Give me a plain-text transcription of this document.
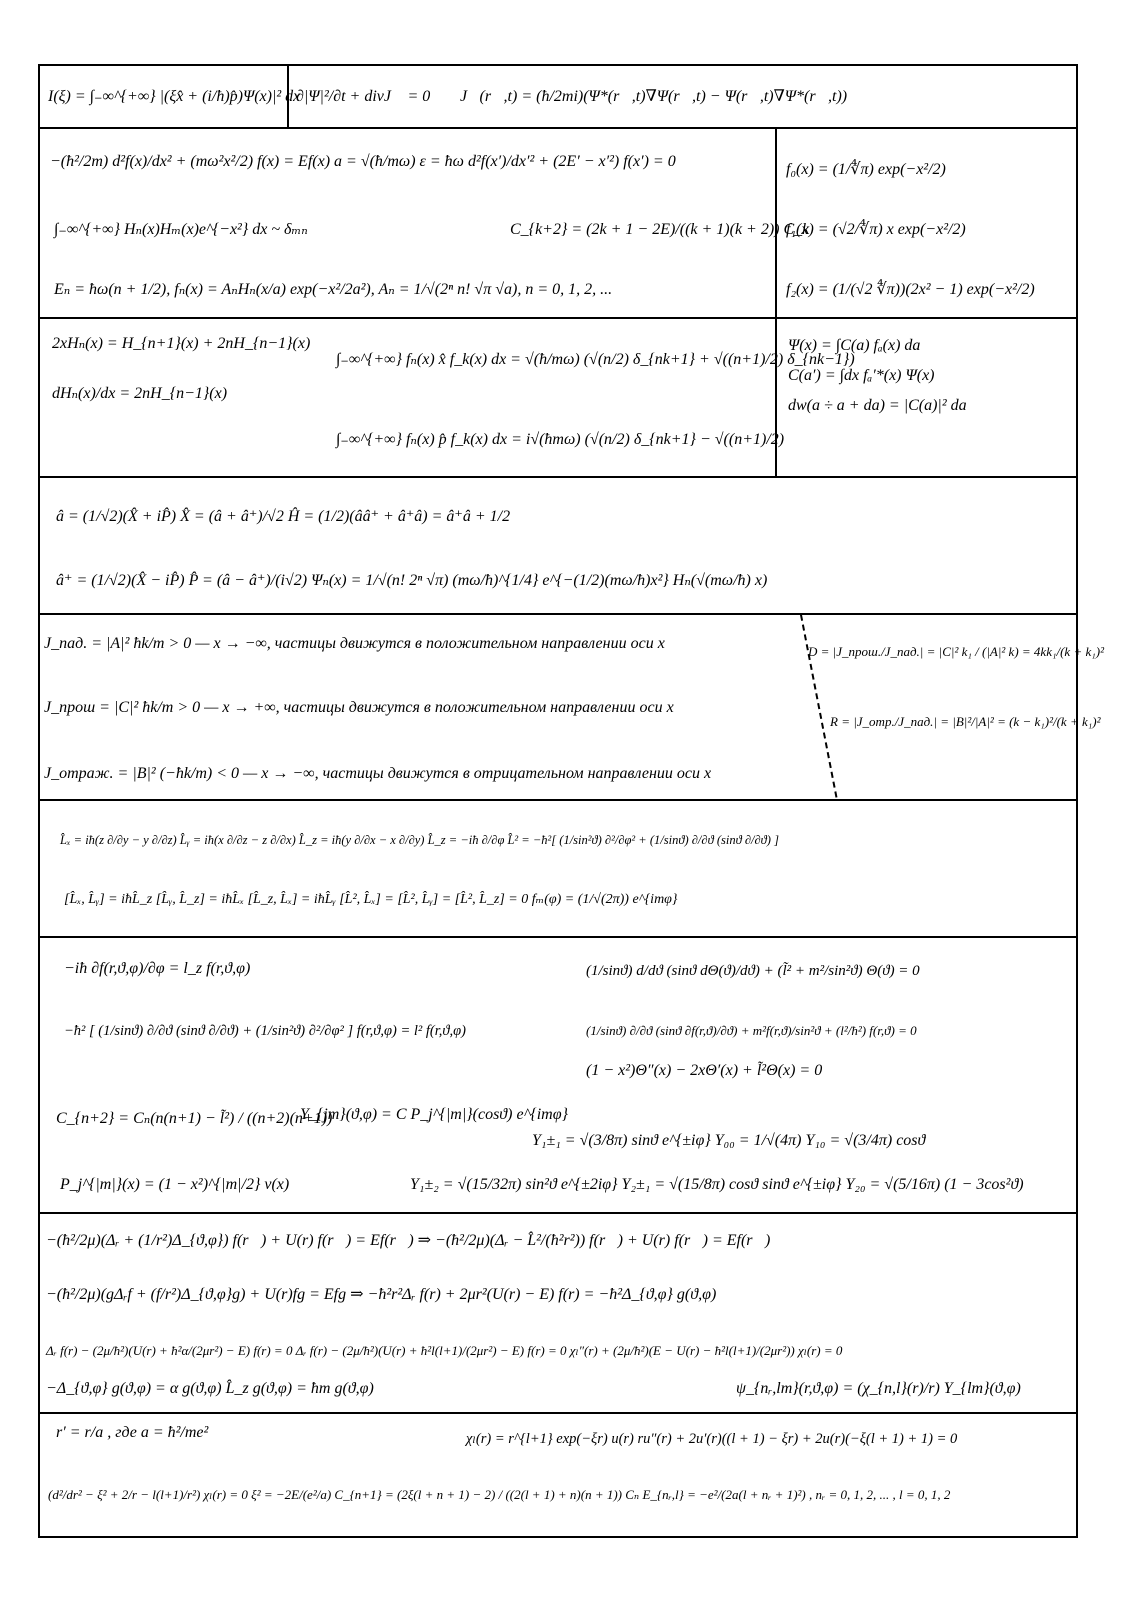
I(ξ) = ∫₋∞^{+∞} |(ξx̂ + (i/ħ)p̂)Ψ(x)|² dx
∂|Ψ|²/∂t + divJ⃗ = 0 J⃗(r⃗,t) = (ħ/2mi)(Ψ*(r⃗,t)∇Ψ(r⃗,t) − Ψ(r⃗,t)∇Ψ*(r⃗,t))
−(ħ²/2m) d²f(x)/dx² + (mω²x²/2) f(x) = Ef(x) a = √(ħ/mω) ε = ħω d²f(x′)/dx′² + (2E′ − x′²) f(x′) = 0
∫₋∞^{+∞} Hₙ(x)Hₘ(x)e^{−x²} dx ~ δₘₙ	C_{k+2} = (2k + 1 − 2E)/((k + 1)(k + 2)) C_k
Eₙ = ħω(n + 1/2), fₙ(x) = AₙHₙ(x/a) exp(−x²/2a²), Aₙ = 1/√(2ⁿ n! √π √a), n = 0, 1, 2, ...
f₀(x) = (1/∜π) exp(−x²/2)
f₁(x) = (√2/∜π) x exp(−x²/2)
f₂(x) = (1/(√2 ∜π))(2x² − 1) exp(−x²/2)
2xHₙ(x) = H_{n+1}(x) + 2nH_{n−1}(x)
dHₙ(x)/dx = 2nH_{n−1}(x)
∫₋∞^{+∞} fₙ(x) x̂ f_k(x) dx = √(ħ/mω) (√(n/2) δ_{nk+1} + √((n+1)/2) δ_{nk−1})
∫₋∞^{+∞} fₙ(x) p̂ f_k(x) dx = i√(ħmω) (√(n/2) δ_{nk+1} − √((n+1)/2)
Ψ(x) = ∫C(a) fₐ(x) da
C(a′) = ∫dx fₐ′*(x) Ψ(x)
dw(a ÷ a + da) = |C(a)|² da
â = (1/√2)(X̂ + iP̂) X̂ = (â + â⁺)/√2 Ĥ = (1/2)(ââ⁺ + â⁺â) = â⁺â + 1/2
â⁺ = (1/√2)(X̂ − iP̂) P̂ = (â − â⁺)/(i√2) Ψₙ(x) = 1/√(n! 2ⁿ √π) (mω/ħ)^{1/4} e^{−(1/2)(mω/ħ)x²} Hₙ(√(mω/ħ) x)
J_пад. = |A|² ħk/m > 0 — x → −∞, частицы движутся в положительном направлении оси x
J_прош = |C|² ħk/m > 0 — x → +∞, частицы движутся в положительном направлении оси x
J_отраж. = |B|² (−ħk/m) < 0 — x → −∞, частицы движутся в отрицательном направлении оси x
D = |J_прош./J_пад.| = |C|² k₁ / (|A|² k) = 4kk₁/(k + k₁)²
R = |J_отр./J_пад.| = |B|²/|A|² = (k − k₁)²/(k + k₁)²
L̂ₓ = iħ(z ∂/∂y − y ∂/∂z) L̂ᵧ = iħ(x ∂/∂z − z ∂/∂x) L̂_z = iħ(y ∂/∂x − x ∂/∂y) L̂_z = −iħ ∂/∂φ L̂² = −ħ²[ (1/sin²ϑ) ∂²/∂φ² + (1/sinϑ) ∂/∂ϑ (sinϑ ∂/∂ϑ) ]
[L̂ₓ, L̂ᵧ] = iħL̂_z [L̂ᵧ, L̂_z] = iħL̂ₓ [L̂_z, L̂ₓ] = iħL̂ᵧ [L̂², L̂ₓ] = [L̂², L̂ᵧ] = [L̂², L̂_z] = 0 fₘ(φ) = (1/√(2π)) e^{imφ}
−iħ ∂f(r,ϑ,φ)/∂φ = l_z f(r,ϑ,φ)	(1/sinϑ) d/dϑ (sinϑ dΘ(ϑ)/dϑ) + (l̃² + m²/sin²ϑ) Θ(ϑ) = 0
−ħ² [ (1/sinϑ) ∂/∂ϑ (sinϑ ∂/∂ϑ) + (1/sin²ϑ) ∂²/∂φ² ] f(r,ϑ,φ) = l² f(r,ϑ,φ)	(1/sinϑ) ∂/∂ϑ (sinϑ ∂f(r,ϑ)/∂ϑ) + m²f(r,ϑ)/sin²ϑ + (l²/ħ²) f(r,ϑ) = 0
(1 − x²)Θ″(x) − 2xΘ′(x) + l̃²Θ(x) = 0
C_{n+2} = Cₙ(n(n+1) − l̃²) / ((n+2)(n+1))
Y_{jm}(ϑ,φ) = C P_j^{|m|}(cosϑ) e^{imφ}
Y₁±₁ = √(3/8π) sinϑ e^{±iφ} Y₀₀ = 1/√(4π) Y₁₀ = √(3/4π) cosϑ
P_j^{|m|}(x) = (1 − x²)^{|m|/2} ν(x)	Y₁±₂ = √(15/32π) sin²ϑ e^{±2iφ} Y₂±₁ = √(15/8π) cosϑ sinϑ e^{±iφ} Y₂₀ = √(5/16π) (1 − 3cos²ϑ)
−(ħ²/2μ)(Δᵣ + (1/r²)Δ_{ϑ,φ}) f(r⃗) + U(r) f(r⃗) = Ef(r⃗) ⇒ −(ħ²/2μ)(Δᵣ − L̂²/(ħ²r²)) f(r⃗) + U(r) f(r⃗) = Ef(r⃗)
−(ħ²/2μ)(gΔᵣf + (f/r²)Δ_{ϑ,φ}g) + U(r)fg = Efg ⇒ −ħ²r²Δᵣ f(r) + 2μr²(U(r) − E) f(r) = −ħ²Δ_{ϑ,φ} g(ϑ,φ)
Δᵣ f(r) − (2μ/ħ²)(U(r) + ħ²α/(2μr²) − E) f(r) = 0 Δᵣ f(r) − (2μ/ħ²)(U(r) + ħ²l(l+1)/(2μr²) − E) f(r) = 0 χₗ″(r) + (2μ/ħ²)(E − U(r) − ħ²l(l+1)/(2μr²)) χₗ(r) = 0
−Δ_{ϑ,φ} g(ϑ,φ) = α g(ϑ,φ) L̂_z g(ϑ,φ) = ħm g(ϑ,φ)	ψ_{nᵣ,lm}(r,ϑ,φ) = (χ_{n,l}(r)/r) Y_{lm}(ϑ,φ)
r′ = r/a , где a = ħ²/me²	χₗ(r) = r^{l+1} exp(−ξr) u(r) ru″(r) + 2u′(r)((l + 1) − ξr) + 2u(r)(−ξ(l + 1) + 1) = 0
(d²/dr² − ξ² + 2/r − l(l+1)/r²) χₗ(r) = 0 ξ² = −2E/(e²/a) C_{n+1} = (2ξ(l + n + 1) − 2) / ((2(l + 1) + n)(n + 1)) Cₙ E_{nᵣ,l} = −e²/(2a(l + nᵣ + 1)²) , nᵣ = 0, 1, 2, ... , l = 0, 1, 2
